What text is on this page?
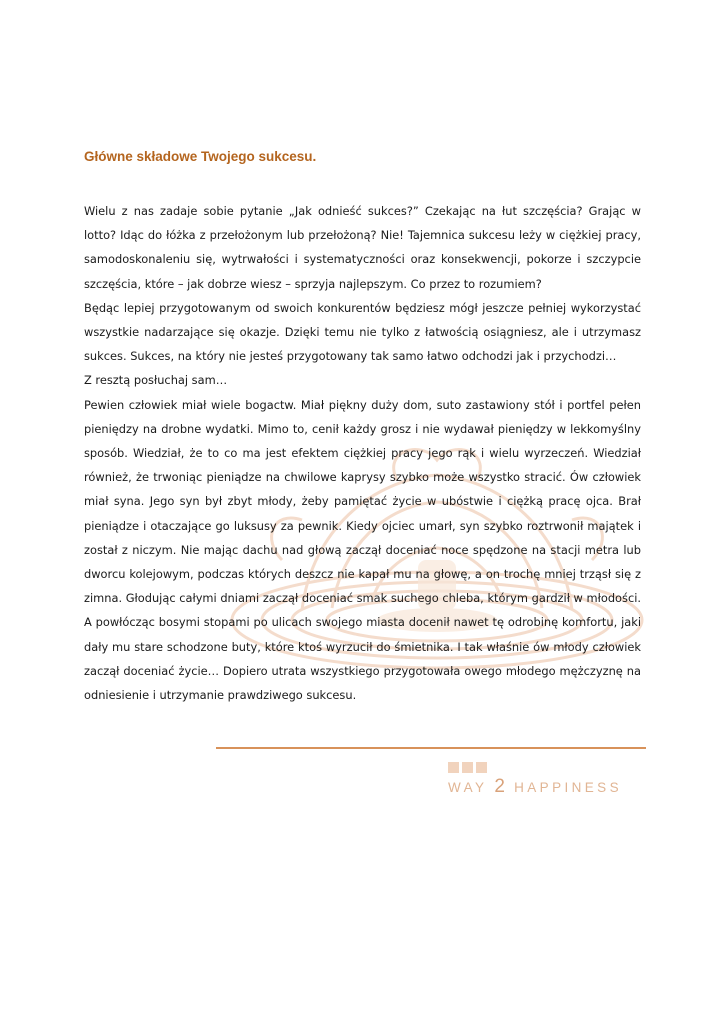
Główne składowe Twojego sukcesu.

Wielu z nas zadaje sobie pytanie „Jak odnieść sukces?” Czekając na łut szczęścia? Grając w lotto? Idąc do łóżka z przełożonym lub przełożoną? Nie! Tajemnica sukcesu leży w ciężkiej pracy, samodoskonaleniu się, wytrwałości i systematyczności oraz konsekwencji, pokorze i szczypcie szczęścia, które – jak dobrze wiesz – sprzyja najlepszym. Co przez to rozumiem?

Będąc lepiej przygotowanym od swoich konkurentów będziesz mógł jeszcze pełniej wykorzystać wszystkie nadarzające się okazje. Dzięki temu nie tylko z łatwością osiągniesz, ale i utrzymasz sukces. Sukces, na który nie jesteś przygotowany tak samo łatwo odchodzi jak i przychodzi…

Z resztą posłuchaj sam…

Pewien człowiek miał wiele bogactw. Miał piękny duży dom, suto zastawiony stół i portfel pełen pieniędzy na drobne wydatki. Mimo to, cenił każdy grosz i nie wydawał pieniędzy w lekkomyślny sposób. Wiedział, że to co ma jest efektem ciężkiej pracy jego rąk i wielu wyrzeczeń. Wiedział również, że trwoniąc pieniądze na chwilowe kaprysy szybko może wszystko stracić. Ów człowiek miał syna. Jego syn był zbyt młody, żeby pamiętać życie w ubóstwie i ciężką pracę ojca. Brał pieniądze i otaczające go luksusy za pewnik. Kiedy ojciec umarł, syn szybko roztrwonił majątek i został z niczym. Nie mając dachu nad głową zaczął doceniać noce spędzone na stacji metra lub dworcu kolejowym, podczas których deszcz nie kapał mu na głowę, a on trochę mniej trząsł się z zimna. Głodując całymi dniami zaczął doceniać smak suchego chleba, którym gardził w młodości. A powłócząc bosymi stopami po ulicach swojego miasta docenił nawet tę odrobinę komfortu, jaki dały mu stare schodzone buty, które ktoś wyrzucił do śmietnika. I tak właśnie ów młody człowiek zaczął doceniać życie… Dopiero utrata wszystkiego przygotowała owego młodego mężczyznę na odniesienie i utrzymanie prawdziwego sukcesu.

WAY 2 HAPPINESS
